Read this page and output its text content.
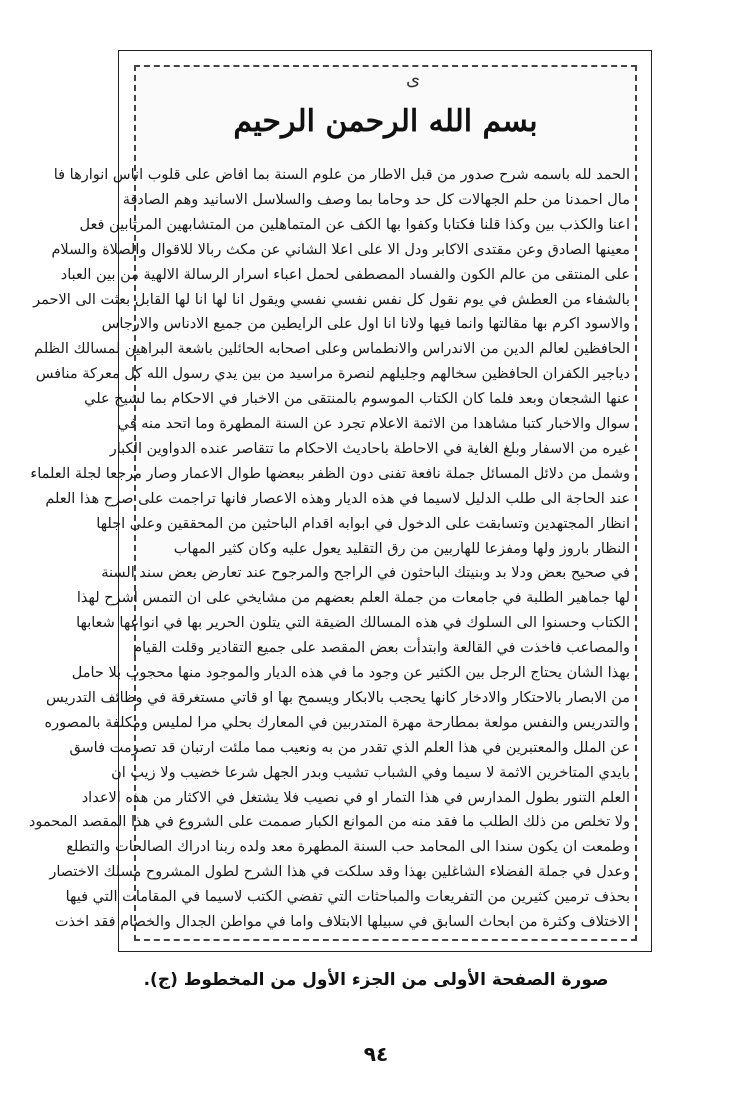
ى
بسم الله الرحمن الرحيم
الحمد لله باسمه شرح صدور من قبل الاطار من علوم السنة بما افاض على قلوب اناس انوارها فا
مال احمدنا من حلم الجهالات كل حد وحاما بما وصف والسلاسل الاسانيد وهم الصادقة
اعنا والكذب بين وكذا قلنا فكتابا وكفوا بها الكف عن المتماهلين من المتشابهين المرتابين فعل
معينها الصادق وعن مقتدى الاكابر ودل الا على اعلا الشاني عن مكث ربالا للاقوال والصلاة والسلام
على المنتقى من عالم الكون والفساد المصطفى لحمل اعباء اسرار الرسالة الالهية من بين العباد
بالشفاء من العطش في يوم نقول كل نفس نفسي نفسي ويقول انا لها انا لها القابل بعثت الى الاحمر
والاسود اكرم بها مقالتها وانما فيها ولانا انا اول على الرايطين من جميع الادناس والارجاس
الحافظين لعالم الدين من الاندراس والانطماس وعلى اصحابه الحائلين باشعة البراهين لمسالك الظلم
دياجير الكفران الحافظين سخالهم وجليلهم لنصرة مراسيد من بين يدي رسول الله كل معركة منافس
عنها الشجعان وبعد فلما كان الكتاب الموسوم بالمنتقى من الاخبار في الاحكام بما لشيخ علي
سوال والاخبار كتبا مشاهدا من الاثمة الاعلام تجرد عن السنة المطهرة وما اتحد منه في
غيره من الاسفار وبلغ الغاية في الاحاطة باحاديث الاحكام ما تتقاصر عنده الدواوين الكبار
وشمل من دلائل المسائل جملة نافعة تفنى دون الظفر ببعضها طوال الاعمار وصار مرجعا لجلة العلماء
عند الحاجة الى طلب الدليل لاسيما في هذه الديار وهذه الاعصار فانها تراجمت على صرح هذا العلم
انظار المجتهدين وتسابقت على الدخول في ابوابه اقدام الباحثين من المحققين وعلى اجلها
النظار باروز ولها ومفزعا للهاربين من رق التقليد يعول عليه وكان كثير المهاب
في صحيح بعض ودلا بد وبنيتك الباحثون في الراجح والمرجوح عند تعارض بعض سند السنة
لها جماهير الطلبة في جامعات من جملة العلم بعضهم من مشايخي على ان التمس اشرح لهذا
الكتاب وحسنوا الى السلوك في هذه المسالك الضيقة التي يتلون الحرير بها في انواعها شعابها
والمصاعب فاخذت في القالعة وابتدأت بعض المقصد على جميع التقادير وقلت القيام
بهذا الشان يحتاج الرجل بين الكثير عن وجود ما في هذه الديار والموجود منها محجوب بلا حامل
من الابصار بالاحتكار والادخار كانها يحجب بالابكار ويسمح بها او قاتي مستغرقة في وظائف التدريس
والتدريس والنفس مولعة بمطارحة مهرة المتدربين في المعارك بحلي مرا لمليس ومكلفة بالمصوره
عن الملل والمعتبرين في هذا العلم الذي تقدر من به ونعيب مما ملئت ارتبان قد تصرمت فاسق
بايدي المتاخرين الاثمة لا سيما وفي الشباب تشيب وبدر الجهل شرعا خضيب ولا زيب ان
العلم التنور بطول المدارس في هذا التمار او في نصيب فلا يشتغل في الاكثار من هذه الاعداد
ولا تخلص من ذلك الطلب ما فقد منه من الموانع الكبار صممت على الشروع في هذا المقصد المحمود
وطمعت ان يكون سندا الى المحامد حب السنة المطهرة معد ولده ربنا ادراك الصالحات والتطلع
وعدل في جملة الفضلاء الشاغلين بهذا وقد سلكت في هذا الشرح لطول المشروح مسلك الاختصار
بحذف ترمين كثيرين من التفريعات والمباحثات التي تفضي الكتب لاسيما في المقامات التي فيها
الاختلاف وكثرة من ابحاث السابق في سبيلها الابتلاف واما في مواطن الجدال والخصام فقد اخذت
صورة الصفحة الأولى من الجزء الأول من المخطوط (ج).
٩٤
